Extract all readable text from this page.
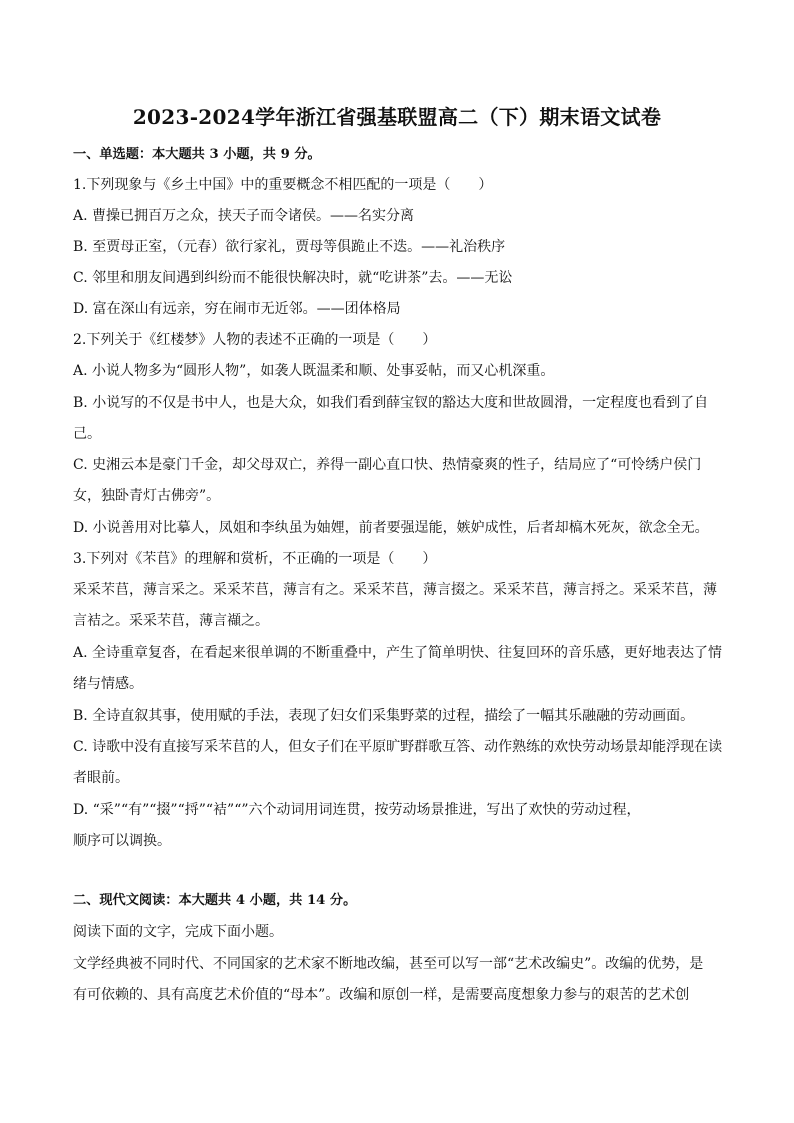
2023-2024学年浙江省强基联盟高二（下）期末语文试卷
一、单选题：本大题共 3 小题，共 9 分。
1.下列现象与《乡土中国》中的重要概念不相匹配的一项是（　　）
A. 曹操已拥百万之众，挟天子而令诸侯。——名实分离
B. 至贾母正室，（元春）欲行家礼，贾母等俱跪止不迭。——礼治秩序
C. 邻里和朋友间遇到纠纷而不能很快解决时，就“吃讲茶”去。——无讼
D. 富在深山有远亲，穷在闹市无近邻。——团体格局
2.下列关于《红楼梦》人物的表述不正确的一项是（　　）
A. 小说人物多为“圆形人物”，如袭人既温柔和顺、处事妥帖，而又心机深重。
B. 小说写的不仅是书中人，也是大众，如我们看到薛宝钗的豁达大度和世故圆滑，一定程度也看到了自
己。
C. 史湘云本是豪门千金，却父母双亡，养得一副心直口快、热情豪爽的性子，结局应了“可怜绣户侯门
女，独卧青灯古佛旁”。
D. 小说善用对比摹人，凤姐和李纨虽为妯娌，前者要强逞能，嫉妒成性，后者却槁木死灰，欲念全无。
3.下列对《芣苢》的理解和赏析，不正确的一项是（　　）
采采芣苢，薄言采之。采采芣苢，薄言有之。采采芣苢，薄言掇之。采采芣苢，薄言捋之。采采芣苢，薄
言袺之。采采芣苢，薄言襭之。
A. 全诗重章复沓，在看起来很单调的不断重叠中，产生了简单明快、往复回环的音乐感，更好地表达了情
绪与情感。
B. 全诗直叙其事，使用赋的手法，表现了妇女们采集野菜的过程，描绘了一幅其乐融融的劳动画面。
C. 诗歌中没有直接写采芣苢的人，但女子们在平原旷野群歌互答、动作熟练的欢快劳动场景却能浮现在读
者眼前。
D. “采”“有”“掇”“捋”“袺”“”六个动词用词连贯，按劳动场景推进，写出了欢快的劳动过程，
顺序可以调换。
二、现代文阅读：本大题共 4 小题，共 14 分。
阅读下面的文字，完成下面小题。
文学经典被不同时代、不同国家的艺术家不断地改编，甚至可以写一部“艺术改编史”。改编的优势，是
有可依赖的、具有高度艺术价值的“母本”。改编和原创一样，是需要高度想象力参与的艰苦的艺术创
